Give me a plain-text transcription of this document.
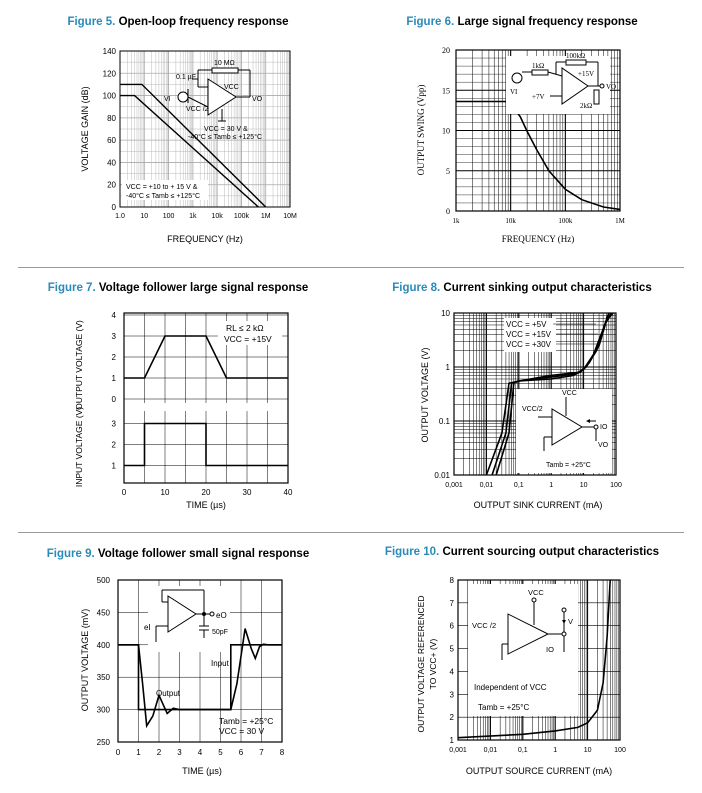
Figure 5. Open-loop frequency response
0
20
40
60
80
100
120
140
1.0 10 100 1k 10k 100k 1M 10M
10 MΩ
0.1 µF
VI
VCC
VCC /2
VO
VCC = 30 V &
-40°C ≤ Tamb ≤ +125°C
VCC = +10 to + 15 V &
-40°C ≤ Tamb ≤ +125°C
FREQUENCY (Hz)
VOLTAGE GAIN (dB)
Figure 6. Large signal frequency response
0
5
10
15
20
1k	10k	100k	1M
1kΩ
100kΩ
2kΩ
+15V
+7V
VI
VO
FREQUENCY (Hz)
OUTPUT SWING (Vpp)
Figure 7. Voltage follower large signal response
0
1
2
3
4
1
2
3
0	10	20	30	40
RL ≤ 2 kΩ
VCC = +15V
TIME (µs)
OUTPUT VOLTAGE (V)
INPUT VOLTAGE (V)
Figure 8. Current sinking output characteristics
0.01
0.1
1
10
0,001 0,01	0,1	1	10	100
VCC = +5V
VCC = +15V
VCC = +30V
VCC
VCC/2
IO
VO
Tamb = +25°C
OUTPUT SINK CURRENT (mA)
OUTPUT VOLTAGE (V)
Figure 9. Voltage follower small signal response
250
300
350
400
450
500
0 1 2 3 4 5 6 7 8
eI
eO
50pF
Input
Output
Tamb = +25°C
VCC = 30 V
TIME (µs)
OUTPUT VOLTAGE (mV)
Figure 10. Current sourcing output characteristics
1
2
3
4
5
6
7
8
0,001 0,01	0,1	1	10	100
VCC
VCC /2	V
IO
Independent of VCC
Tamb = +25°C
OUTPUT SOURCE CURRENT (mA)
OUTPUT VOLTAGE REFERENCED TO VCC+ (V)
